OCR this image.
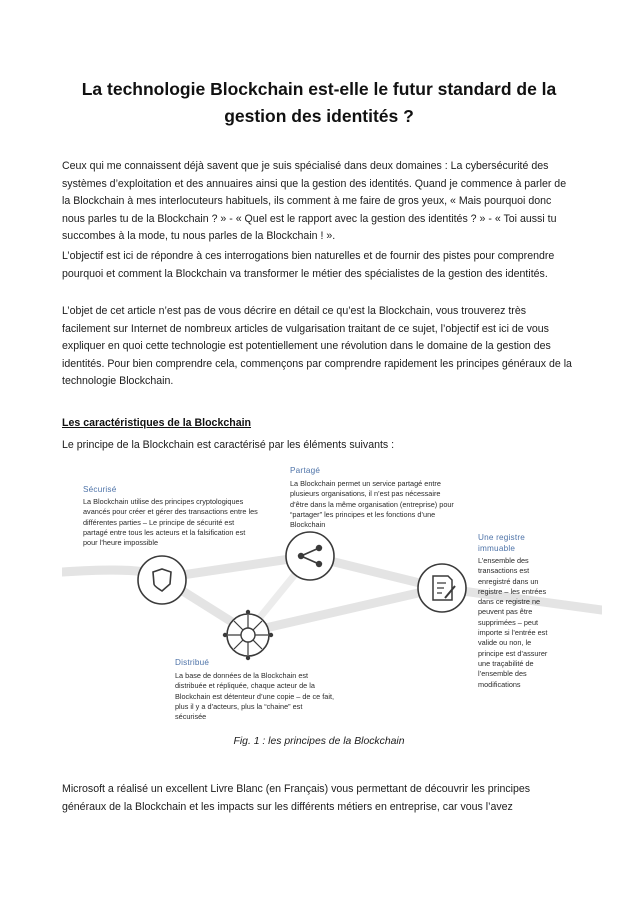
La technologie Blockchain est-elle le futur standard de la gestion des identités ?

Ceux qui me connaissent déjà savent que je suis spécialisé dans deux domaines : La cybersécurité des systèmes d’exploitation et des annuaires ainsi que la gestion des identités. Quand je commence à parler de la Blockchain à mes interlocuteurs habituels, ils comment à me faire de gros yeux, « Mais pourquoi donc nous parles tu de la Blockchain ? » - « Quel est le rapport avec la gestion des identités ? » - « Toi aussi tu succombes à la mode, tu nous parles de la Blockchain ! ».

L’objectif est ici de répondre à ces interrogations bien naturelles et de fournir des pistes pour comprendre pourquoi et comment la Blockchain va transformer le métier des spécialistes de la gestion des identités.

L’objet de cet article n’est pas de vous décrire en détail ce qu’est la Blockchain, vous trouverez très facilement sur Internet de nombreux articles de vulgarisation traitant de ce sujet, l’objectif est ici de vous expliquer en quoi cette technologie est potentiellement une révolution dans le domaine de la gestion des identités. Pour bien comprendre cela, commençons par comprendre rapidement les principes généraux de la technologie Blockchain.

Les caractéristiques de la Blockchain

Le principe de la Blockchain est caractérisé par les éléments suivants :

Sécurisé

La Blockchain utilise des principes cryptologiques avancés pour créer et gérer des transactions entre les différentes parties – Le principe de sécurité est partagé entre tous les acteurs et la falsification est pour l’heure impossible

Partagé

La Blockchain permet un service partagé entre plusieurs organisations, il n’est pas nécessaire d’être dans la même organisation (entreprise) pour “partager” les principes et les fonctions d’une Blockchain

Une registre immuable

L’ensemble des transactions est enregistré dans un registre – les entrées dans ce registre ne peuvent pas être supprimées – peut importe si l’entrée est valide ou non, le principe est d’assurer une traçabilité de l’ensemble des modifications

Distribué

La base de données de la Blockchain est distribuée et répliquée, chaque acteur de la Blockchain est détenteur d’une copie – de ce fait, plus il y a d’acteurs, plus la “chaine” est sécurisée

Fig. 1 : les principes de la Blockchain

Microsoft a réalisé un excellent Livre Blanc (en Français) vous permettant de découvrir les principes généraux de la Blockchain et les impacts sur les différents métiers en entreprise, car vous l’avez
